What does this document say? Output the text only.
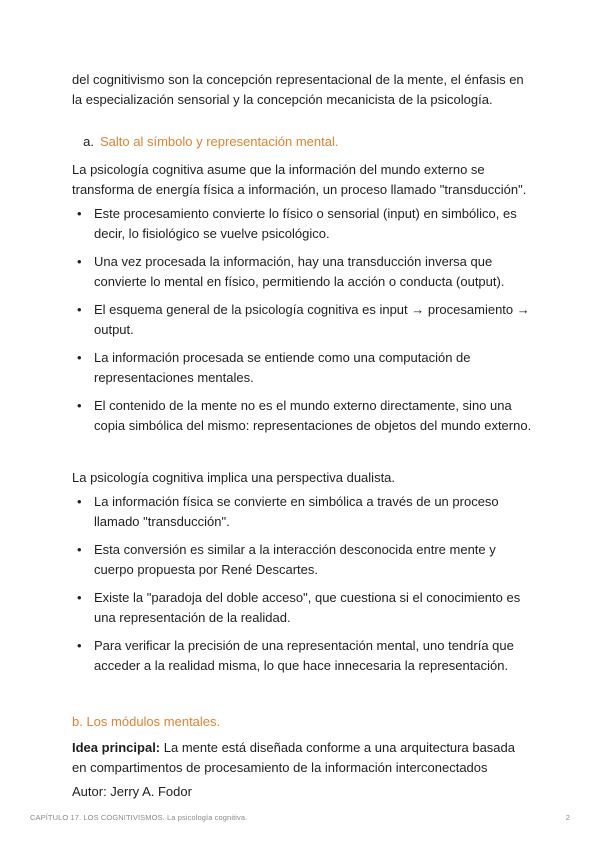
del cognitivismo son la concepción representacional de la mente, el énfasis en la especialización sensorial y la concepción mecanicista de la psicología.

a. Salto al símbolo y representación mental.

La psicología cognitiva asume que la información del mundo externo se transforma de energía física a información, un proceso llamado "transducción".

• Este procesamiento convierte lo físico o sensorial (input) en simbólico, es decir, lo fisiológico se vuelve psicológico.
• Una vez procesada la información, hay una transducción inversa que convierte lo mental en físico, permitiendo la acción o conducta (output).
• El esquema general de la psicología cognitiva es input → procesamiento → output.
• La información procesada se entiende como una computación de representaciones mentales.
• El contenido de la mente no es el mundo externo directamente, sino una copia simbólica del mismo: representaciones de objetos del mundo externo.

La psicología cognitiva implica una perspectiva dualista.

• La información física se convierte en simbólica a través de un proceso llamado "transducción".
• Esta conversión es similar a la interacción desconocida entre mente y cuerpo propuesta por René Descartes.
• Existe la "paradoja del doble acceso", que cuestiona si el conocimiento es una representación de la realidad.
• Para verificar la precisión de una representación mental, uno tendría que acceder a la realidad misma, lo que hace innecesaria la representación.

b. Los módulos mentales.

Idea principal: La mente está diseñada conforme a una arquitectura basada en compartimentos de procesamiento de la información interconectados

Autor: Jerry A. Fodor

CAPÍTULO 17. LOS COGNITIVISMOS. La psicología cognitiva.	2
